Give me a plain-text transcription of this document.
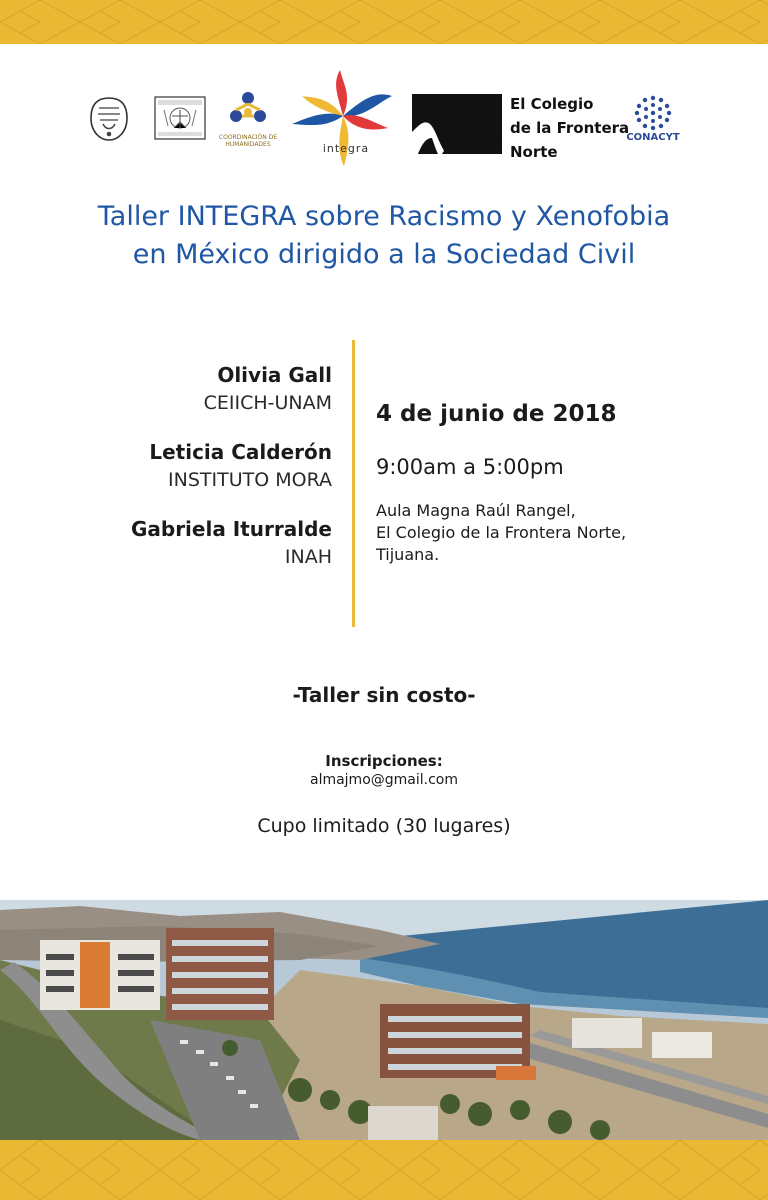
COORDINACIÓN DE HUMANIDADES	integra
El Colegio
de la Frontera
Norte
CONACYT
Taller INTEGRA sobre Racismo y Xenofobia
en México dirigido a la Sociedad Civil
Olivia Gall
CEIICH-UNAM
Leticia Calderón
INSTITUTO MORA
Gabriela Iturralde
INAH
4 de junio de 2018
9:00am a 5:00pm
Aula Magna Raúl Rangel,
El Colegio de la Frontera Norte,
Tijuana.
-Taller sin costo-
Inscripciones:
almajmo@gmail.com
Cupo limitado (30 lugares)
